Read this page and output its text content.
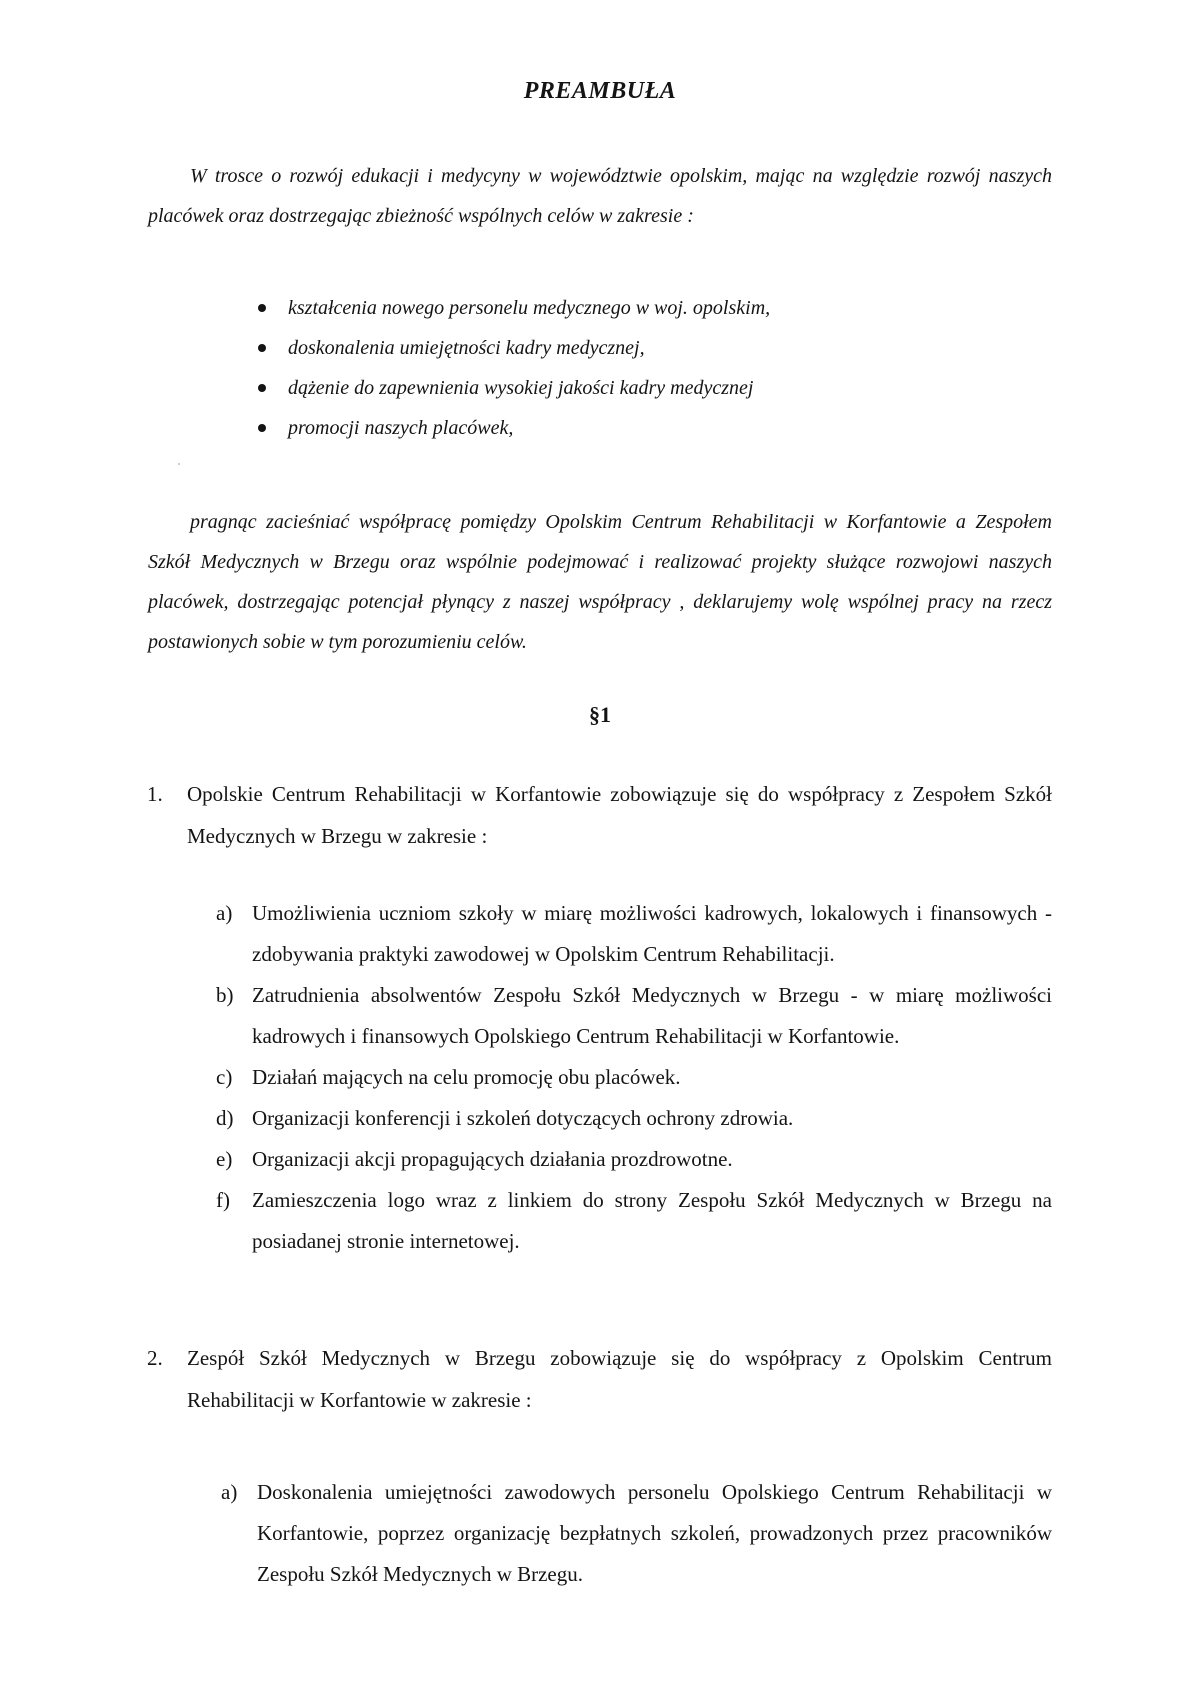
PREAMBUŁA
W trosce o rozwój edukacji i medycyny w województwie opolskim, mając na względzie rozwój naszych placówek oraz dostrzegając zbieżność wspólnych celów w zakresie :
kształcenia nowego personelu medycznego w woj. opolskim,
doskonalenia umiejętności kadry medycznej,
dążenie do zapewnienia wysokiej jakości kadry medycznej
promocji naszych placówek,
pragnąc zacieśniać współpracę pomiędzy Opolskim Centrum Rehabilitacji w Korfantowie a Zespołem Szkół Medycznych w Brzegu oraz wspólnie podejmować i realizować projekty służące rozwojowi naszych placówek, dostrzegając potencjał płynący z naszej współpracy , deklarujemy wolę wspólnej pracy na rzecz postawionych sobie w tym porozumieniu celów.
§1
1. Opolskie Centrum Rehabilitacji w Korfantowie zobowiązuje się do współpracy z Zespołem Szkół Medycznych w Brzegu w zakresie :
a) Umożliwienia uczniom szkoły w miarę możliwości kadrowych, lokalowych i finansowych - zdobywania praktyki zawodowej w Opolskim Centrum Rehabilitacji.
b) Zatrudnienia absolwentów Zespołu Szkół Medycznych w Brzegu - w miarę możliwości kadrowych i finansowych Opolskiego Centrum Rehabilitacji w Korfantowie.
c) Działań mających na celu promocję obu placówek.
d) Organizacji konferencji i szkoleń dotyczących ochrony zdrowia.
e) Organizacji akcji propagujących działania prozdrowotne.
f) Zamieszczenia logo wraz z linkiem do strony Zespołu Szkół Medycznych w Brzegu na posiadanej stronie internetowej.
2. Zespół Szkół Medycznych w Brzegu zobowiązuje się do współpracy z Opolskim Centrum Rehabilitacji w Korfantowie w zakresie :
a) Doskonalenia umiejętności zawodowych personelu Opolskiego Centrum Rehabilitacji w Korfantowie, poprzez organizację bezpłatnych szkoleń, prowadzonych przez pracowników Zespołu Szkół Medycznych w Brzegu.
